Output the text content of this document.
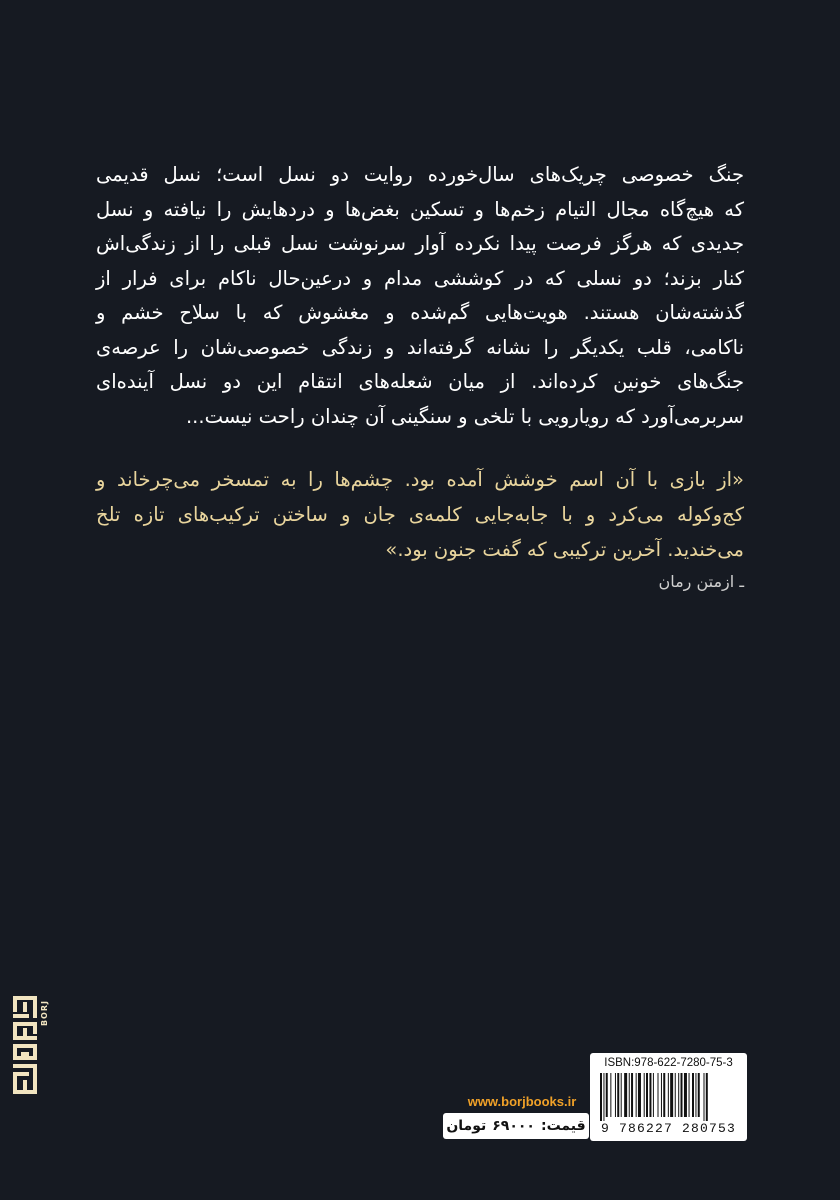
جنگ خصوصی چریک‌های سال‌خورده روایت دو نسل است؛ نسل قدیمی
که هیچ‌گاه مجال التیام زخم‌ها و تسکین بغض‌ها و دردهایش را نیافته و نسل
جدیدی که هرگز فرصت پیدا نکرده آوار سرنوشت نسل قبلی را از زندگی‌اش
کنار بزند؛ دو نسلی که در کوششی مدام و درعین‌حال ناکام برای فرار از
گذشته‌شان هستند. هویت‌هایی گم‌شده و مغشوش که با سلاح خشم و
ناکامی، قلب یکدیگر را نشانه گرفته‌اند و زندگی خصوصی‌شان را عرصه‌ی
جنگ‌های خونین کرده‌اند. از میان شعله‌های انتقام این دو نسل آینده‌ای
سربرمی‌آورد که رویارویی با تلخی و سنگینی آن چندان راحت نیست...
«از بازی با آن اسم خوشش آمده بود. چشم‌ها را به تمسخر می‌چرخاند و
کج‌وکوله می‌کرد و با جابه‌جایی کلمه‌ی جان و ساختن ترکیب‌های تازه تلخ
می‌خندید. آخرین ترکیبی که گفت جنون بود.»
ـ ازمتن رمان
BORJ
www.borjbooks.ir
قیمت:
۶۹۰۰۰
تومان
ISBN:978-622-7280-75-3
9 786227 280753
